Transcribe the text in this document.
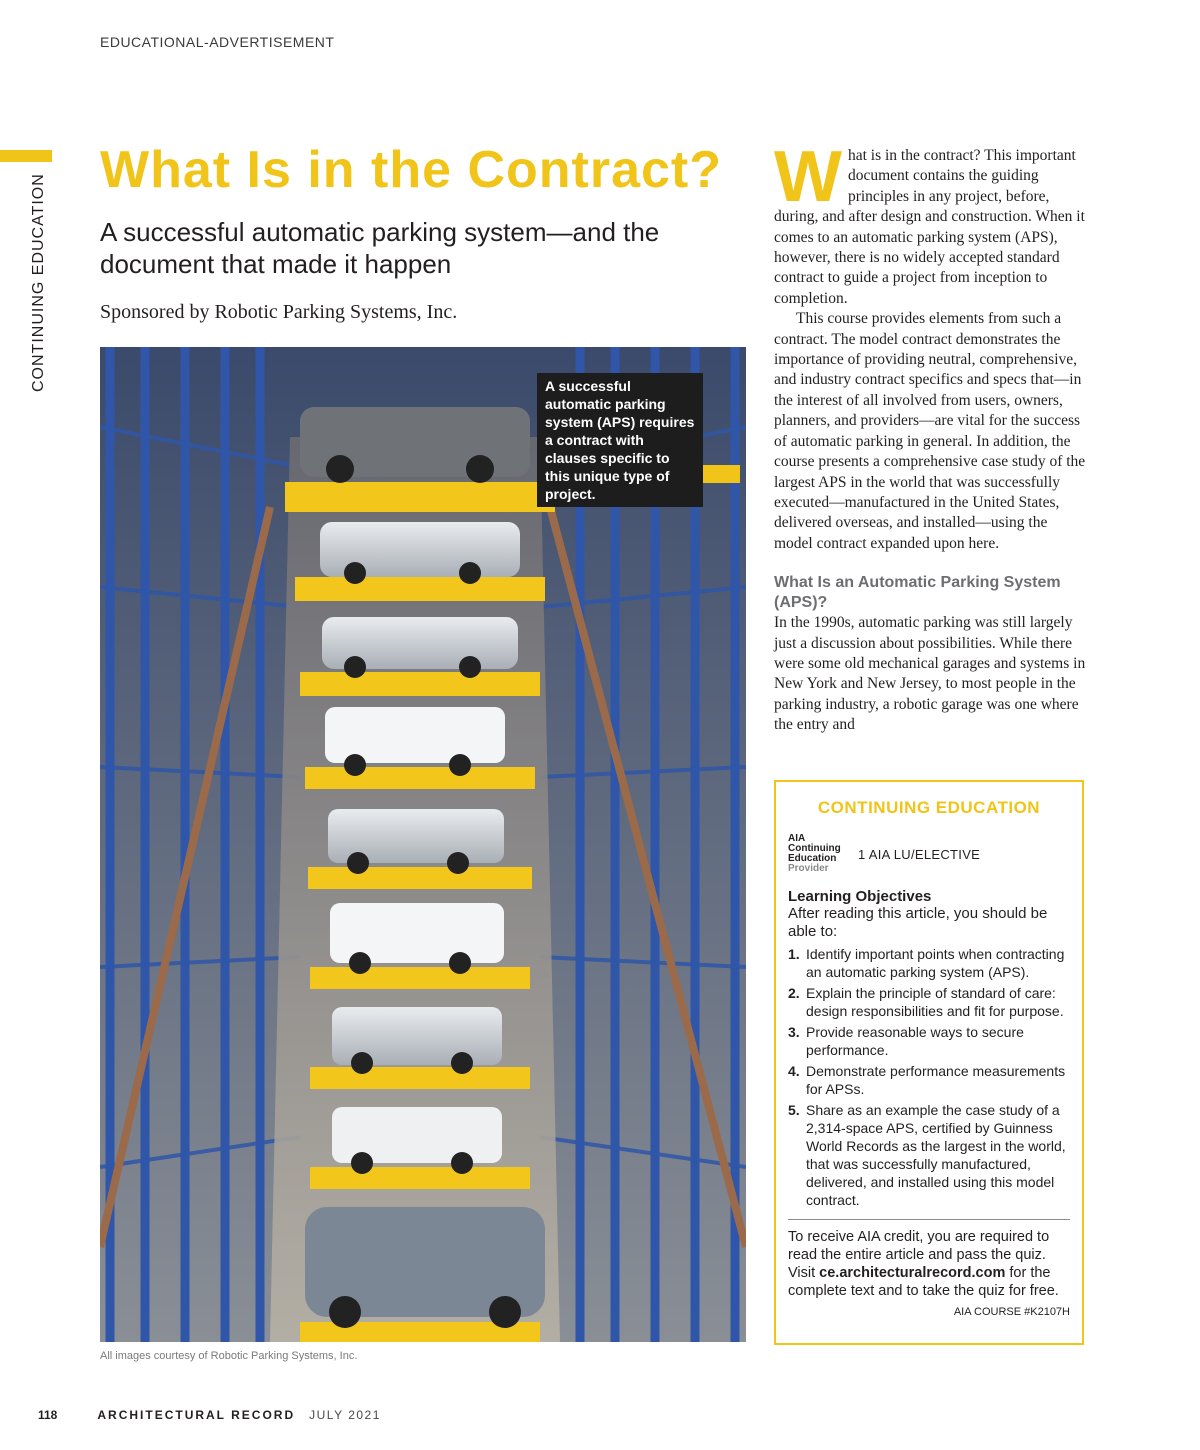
EDUCATIONAL-ADVERTISEMENT
CONTINUING EDUCATION
What Is in the Contract?
A successful automatic parking system—and the document that made it happen
Sponsored by Robotic Parking Systems, Inc.
A successful automatic parking system (APS) requires a contract with clauses specific to this unique type of project.
All images courtesy of Robotic Parking Systems, Inc.
W hat is in the contract? This important document contains the guiding principles in any project, before, during, and after design and construction. When it comes to an automatic parking system (APS), however, there is no widely accepted standard contract to guide a project from inception to completion.

This course provides elements from such a contract. The model contract demonstrates the importance of providing neutral, comprehensive, and industry contract specifics and specs that—in the interest of all involved from users, owners, planners, and providers—are vital for the success of automatic parking in general. In addition, the course presents a comprehensive case study of the largest APS in the world that was successfully executed—manufactured in the United States, delivered overseas, and installed—using the model contract expanded upon here.

What Is an Automatic Parking System (APS)?

In the 1990s, automatic parking was still largely just a discussion about possibilities. While there were some old mechanical garages and systems in New York and New Jersey, to most people in the parking industry, a robotic garage was one where the entry and

CONTINUING EDUCATION
AIA
Continuing
Education
Provider
1 AIA LU/ELECTIVE
Learning Objectives
After reading this article, you should be able to:
1. Identify important points when contracting an automatic parking system (APS).
2. Explain the principle of standard of care: design responsibilities and fit for purpose.
3. Provide reasonable ways to secure performance.
4. Demonstrate performance measurements for APSs.
5. Share as an example the case study of a 2,314-space APS, certified by Guinness World Records as the largest in the world, that was successfully manufactured, delivered, and installed using this model contract.
To receive AIA credit, you are required to read the entire article and pass the quiz. Visit ce.architecturalrecord.com for the complete text and to take the quiz for free.
AIA COURSE #K2107H
118	ARCHITECTURAL RECORD JULY 2021
